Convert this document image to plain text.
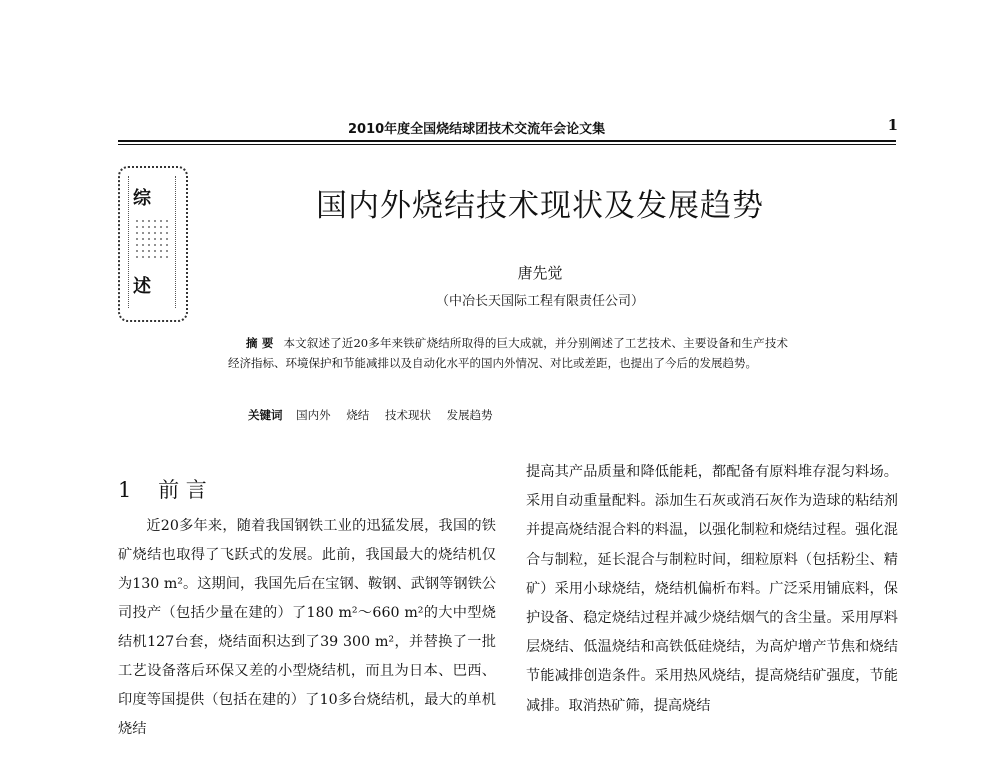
2010年度全国烧结球团技术交流年会论文集	1
综
述
国内外烧结技术现状及发展趋势
唐先觉
（中冶长天国际工程有限责任公司）
摘 要 本文叙述了近20多年来铁矿烧结所取得的巨大成就，并分别阐述了工艺技术、主要设备和生产技术经济指标、环境保护和节能减排以及自动化水平的国内外情况、对比或差距，也提出了今后的发展趋势。
关键词 国内外 烧结 技术现状 发展趋势
1 前 言
近20多年来，随着我国钢铁工业的迅猛发展，我国的铁矿烧结也取得了飞跃式的发展。此前，我国最大的烧结机仅为130 m²。这期间，我国先后在宝钢、鞍钢、武钢等钢铁公司投产（包括少量在建的）了180 m²～660 m²的大中型烧结机127台套，烧结面积达到了39 300 m²，并替换了一批工艺设备落后环保又差的小型烧结机，而且为日本、巴西、印度等国提供（包括在建的）了10多台烧结机，最大的单机烧结
提高其产品质量和降低能耗，都配备有原料堆存混匀料场。采用自动重量配料。添加生石灰或消石灰作为造球的粘结剂并提高烧结混合料的料温，以强化制粒和烧结过程。强化混合与制粒，延长混合与制粒时间，细粒原料（包括粉尘、精矿）采用小球烧结，烧结机偏析布料。广泛采用铺底料，保护设备、稳定烧结过程并减少烧结烟气的含尘量。采用厚料层烧结、低温烧结和高铁低硅烧结，为高炉增产节焦和烧结节能减排创造条件。采用热风烧结，提高烧结矿强度，节能减排。取消热矿筛，提高烧结
